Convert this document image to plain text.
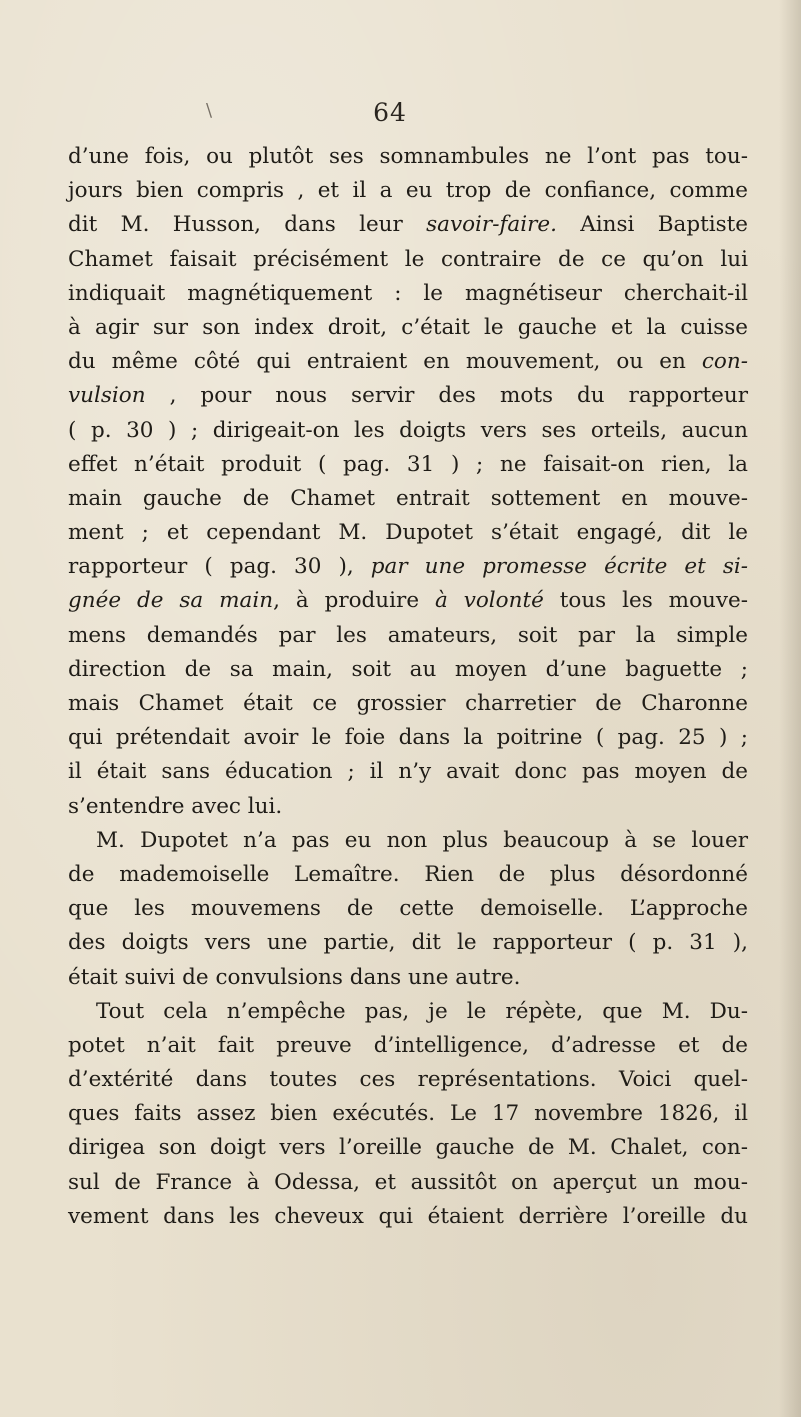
\	64
d’une fois, ou plutôt ses somnambules ne l’ont pas tou-
jours bien compris , et il a eu trop de confiance, comme
dit M. Husson, dans leur savoir-faire. Ainsi Baptiste
Chamet faisait précisément le contraire de ce qu’on lui
indiquait magnétiquement : le magnétiseur cherchait-il
à agir sur son index droit, c’était le gauche et la cuisse
du même côté qui entraient en mouvement, ou en con-
vulsion , pour nous servir des mots du rapporteur
( p. 30 ) ; dirigeait-on les doigts vers ses orteils, aucun
effet n’était produit ( pag. 31 ) ; ne faisait-on rien, la
main gauche de Chamet entrait sottement en mouve-
ment ; et cependant M. Dupotet s’était engagé, dit le
rapporteur ( pag. 30 ), par une promesse écrite et si-
gnée de sa main, à produire à volonté tous les mouve-
mens demandés par les amateurs, soit par la simple
direction de sa main, soit au moyen d’une baguette ;
mais Chamet était ce grossier charretier de Charonne
qui prétendait avoir le foie dans la poitrine ( pag. 25 ) ;
il était sans éducation ; il n’y avait donc pas moyen de
s’entendre avec lui.
M. Dupotet n’a pas eu non plus beaucoup à se louer
de mademoiselle Lemaître. Rien de plus désordonné
que les mouvemens de cette demoiselle. L’approche
des doigts vers une partie, dit le rapporteur ( p. 31 ),
était suivi de convulsions dans une autre.
Tout cela n’empêche pas, je le répète, que M. Du-
potet n’ait fait preuve d’intelligence, d’adresse et de
d’extérité dans toutes ces représentations. Voici quel-
ques faits assez bien exécutés. Le 17 novembre 1826, il
dirigea son doigt vers l’oreille gauche de M. Chalet, con-
sul de France à Odessa, et aussitôt on aperçut un mou-
vement dans les cheveux qui étaient derrière l’oreille du
